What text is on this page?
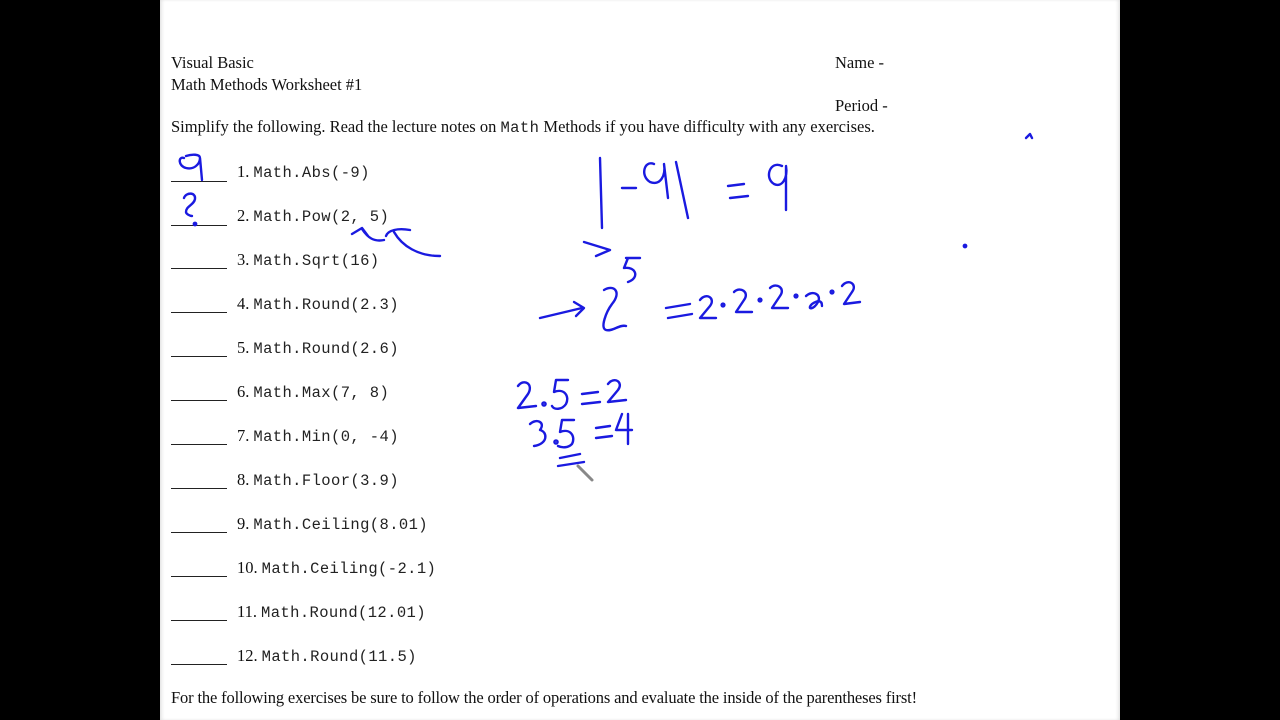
Visual Basic
Math Methods Worksheet #1
Name -
Period -
Simplify the following. Read the lecture notes on Math Methods if you have difficulty with any exercises.
1. Math.Abs(-9)
2. Math.Pow(2, 5)
3. Math.Sqrt(16)
4. Math.Round(2.3)
5. Math.Round(2.6)
6. Math.Max(7, 8)
7. Math.Min(0, -4)
8. Math.Floor(3.9)
9. Math.Ceiling(8.01)
10. Math.Ceiling(-2.1)
11. Math.Round(12.01)
12. Math.Round(11.5)
For the following exercises be sure to follow the order of operations and evaluate the inside of the parentheses first!
